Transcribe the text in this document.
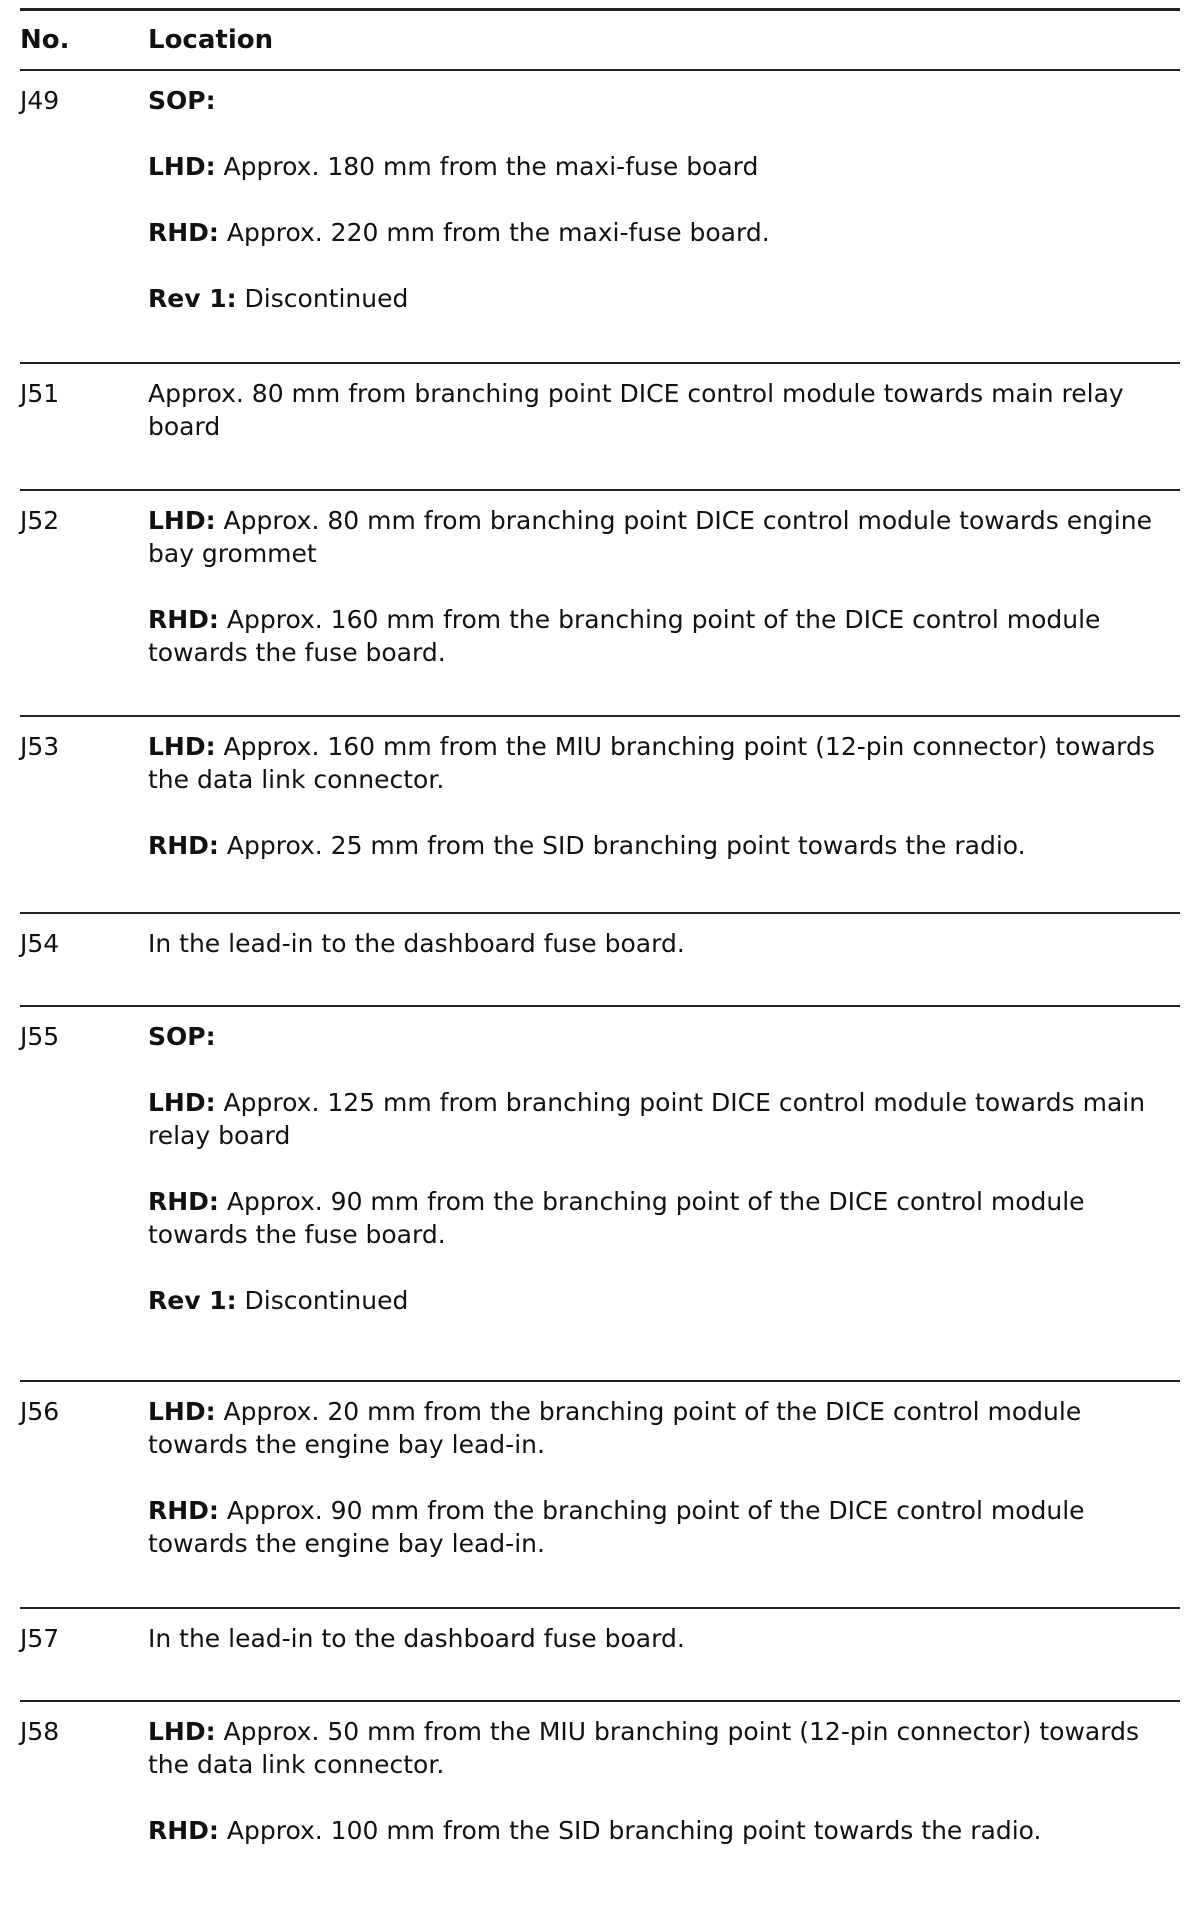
No.	Location
J49	SOP:

LHD: Approx. 180 mm from the maxi-fuse board

RHD: Approx. 220 mm from the maxi-fuse board.

Rev 1: Discontinued

J51	Approx. 80 mm from branching point DICE control module towards main relay board

J52	LHD: Approx. 80 mm from branching point DICE control module towards engine bay grommet

RHD: Approx. 160 mm from the branching point of the DICE control module towards the fuse board.

J53	LHD: Approx. 160 mm from the MIU branching point (12-pin connector) towards the data link connector.

RHD: Approx. 25 mm from the SID branching point towards the radio.

J54	In the lead-in to the dashboard fuse board.

J55	SOP:

LHD: Approx. 125 mm from branching point DICE control module towards main relay board

RHD: Approx. 90 mm from the branching point of the DICE control module towards the fuse board.

Rev 1: Discontinued

J56	LHD: Approx. 20 mm from the branching point of the DICE control module towards the engine bay lead-in.

RHD: Approx. 90 mm from the branching point of the DICE control module towards the engine bay lead-in.

J57	In the lead-in to the dashboard fuse board.

J58	LHD: Approx. 50 mm from the MIU branching point (12-pin connector) towards the data link connector.

RHD: Approx. 100 mm from the SID branching point towards the radio.
